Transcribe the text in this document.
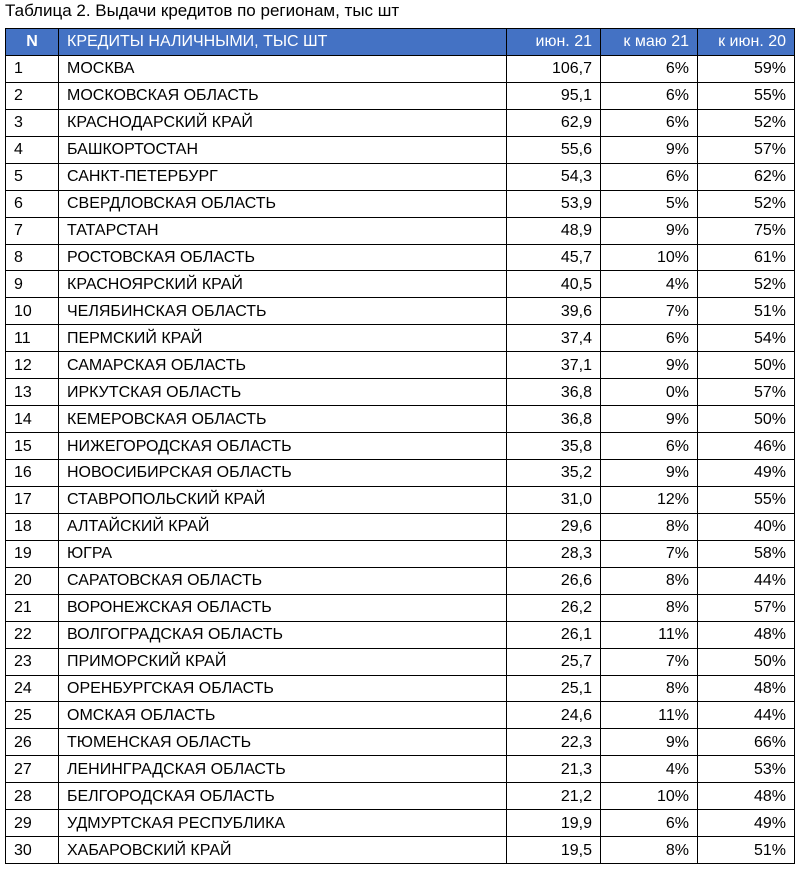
Таблица 2. Выдачи кредитов по регионам, тыс шт
N	КРЕДИТЫ НАЛИЧНЫМИ, ТЫС ШТ	июн. 21	к маю 21	к июн. 20
1	МОСКВА	106,7	6%	59%
2	МОСКОВСКАЯ ОБЛАСТЬ	95,1	6%	55%
3	КРАСНОДАРСКИЙ КРАЙ	62,9	6%	52%
4	БАШКОРТОСТАН	55,6	9%	57%
5	САНКТ-ПЕТЕРБУРГ	54,3	6%	62%
6	СВЕРДЛОВСКАЯ ОБЛАСТЬ	53,9	5%	52%
7	ТАТАРСТАН	48,9	9%	75%
8	РОСТОВСКАЯ ОБЛАСТЬ	45,7	10%	61%
9	КРАСНОЯРСКИЙ КРАЙ	40,5	4%	52%
10	ЧЕЛЯБИНСКАЯ ОБЛАСТЬ	39,6	7%	51%
11	ПЕРМСКИЙ КРАЙ	37,4	6%	54%
12	САМАРСКАЯ ОБЛАСТЬ	37,1	9%	50%
13	ИРКУТСКАЯ ОБЛАСТЬ	36,8	0%	57%
14	КЕМЕРОВСКАЯ ОБЛАСТЬ	36,8	9%	50%
15	НИЖЕГОРОДСКАЯ ОБЛАСТЬ	35,8	6%	46%
16	НОВОСИБИРСКАЯ ОБЛАСТЬ	35,2	9%	49%
17	СТАВРОПОЛЬСКИЙ КРАЙ	31,0	12%	55%
18	АЛТАЙСКИЙ КРАЙ	29,6	8%	40%
19	ЮГРА	28,3	7%	58%
20	САРАТОВСКАЯ ОБЛАСТЬ	26,6	8%	44%
21	ВОРОНЕЖСКАЯ ОБЛАСТЬ	26,2	8%	57%
22	ВОЛГОГРАДСКАЯ ОБЛАСТЬ	26,1	11%	48%
23	ПРИМОРСКИЙ КРАЙ	25,7	7%	50%
24	ОРЕНБУРГСКАЯ ОБЛАСТЬ	25,1	8%	48%
25	ОМСКАЯ ОБЛАСТЬ	24,6	11%	44%
26	ТЮМЕНСКАЯ ОБЛАСТЬ	22,3	9%	66%
27	ЛЕНИНГРАДСКАЯ ОБЛАСТЬ	21,3	4%	53%
28	БЕЛГОРОДСКАЯ ОБЛАСТЬ	21,2	10%	48%
29	УДМУРТСКАЯ РЕСПУБЛИКА	19,9	6%	49%
30	ХАБАРОВСКИЙ КРАЙ	19,5	8%	51%
